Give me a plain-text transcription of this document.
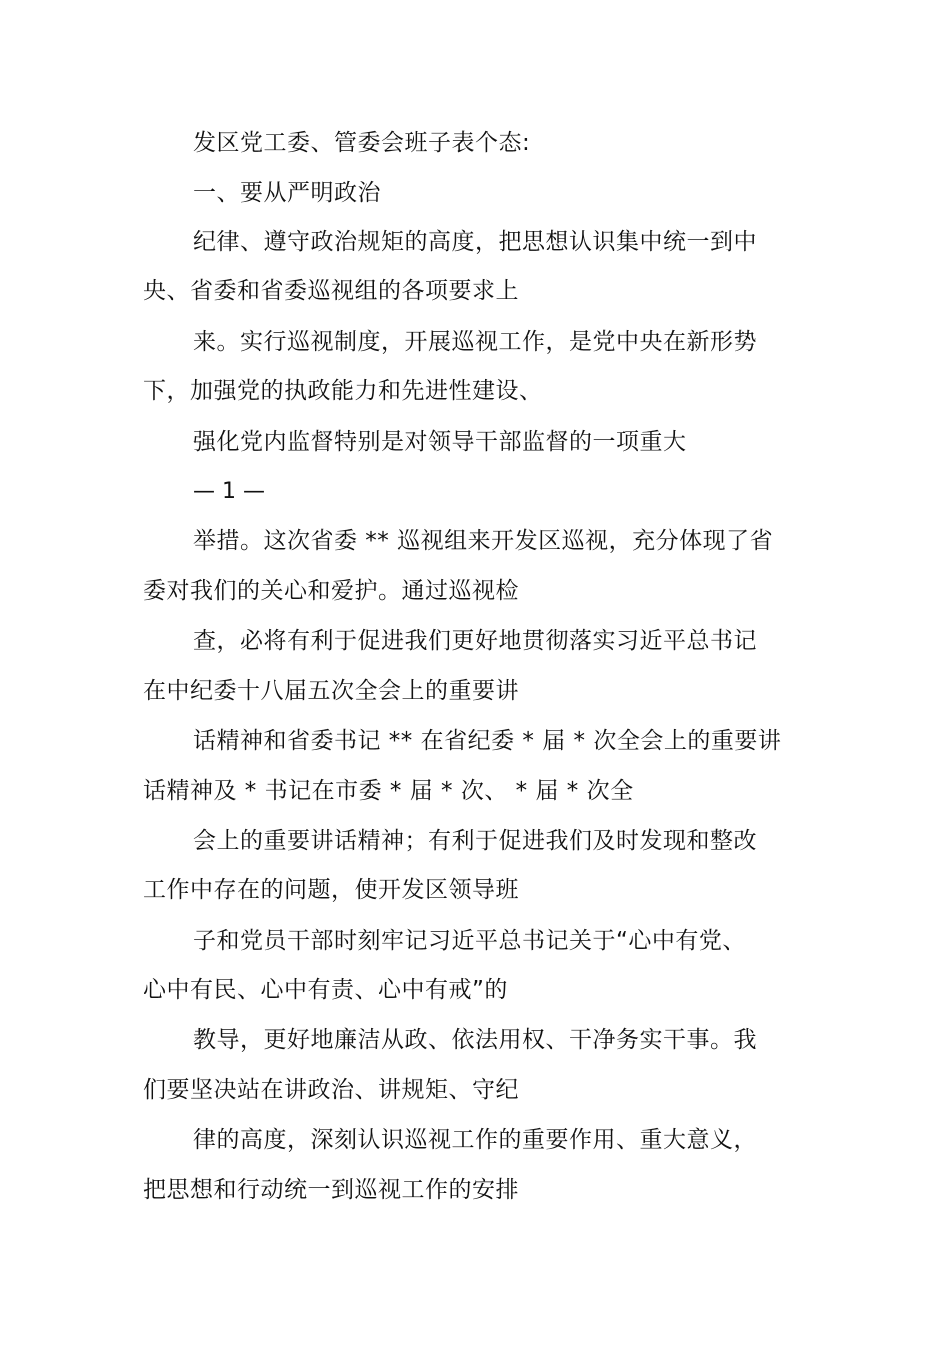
发区党工委、管委会班子表个态:
一、要从严明政治
纪律、遵守政治规矩的高度，把思想认识集中统一到中
央、省委和省委巡视组的各项要求上
来。实行巡视制度，开展巡视工作，是党中央在新形势
下，加强党的执政能力和先进性建设、
强化党内监督特别是对领导干部监督的一项重大
— 1 —
举措。这次省委 ** 巡视组来开发区巡视，充分体现了省
委对我们的关心和爱护。通过巡视检
查，必将有利于促进我们更好地贯彻落实习近平总书记
在中纪委十八届五次全会上的重要讲
话精神和省委书记 ** 在省纪委 * 届 * 次全会上的重要讲
话精神及 * 书记在市委 * 届 * 次、 * 届 * 次全
会上的重要讲话精神；有利于促进我们及时发现和整改
工作中存在的问题，使开发区领导班
子和党员干部时刻牢记习近平总书记关于“心中有党、
心中有民、心中有责、心中有戒”的
教导，更好地廉洁从政、依法用权、干净务实干事。我
们要坚决站在讲政治、讲规矩、守纪
律的高度，深刻认识巡视工作的重要作用、重大意义，
把思想和行动统一到巡视工作的安排
